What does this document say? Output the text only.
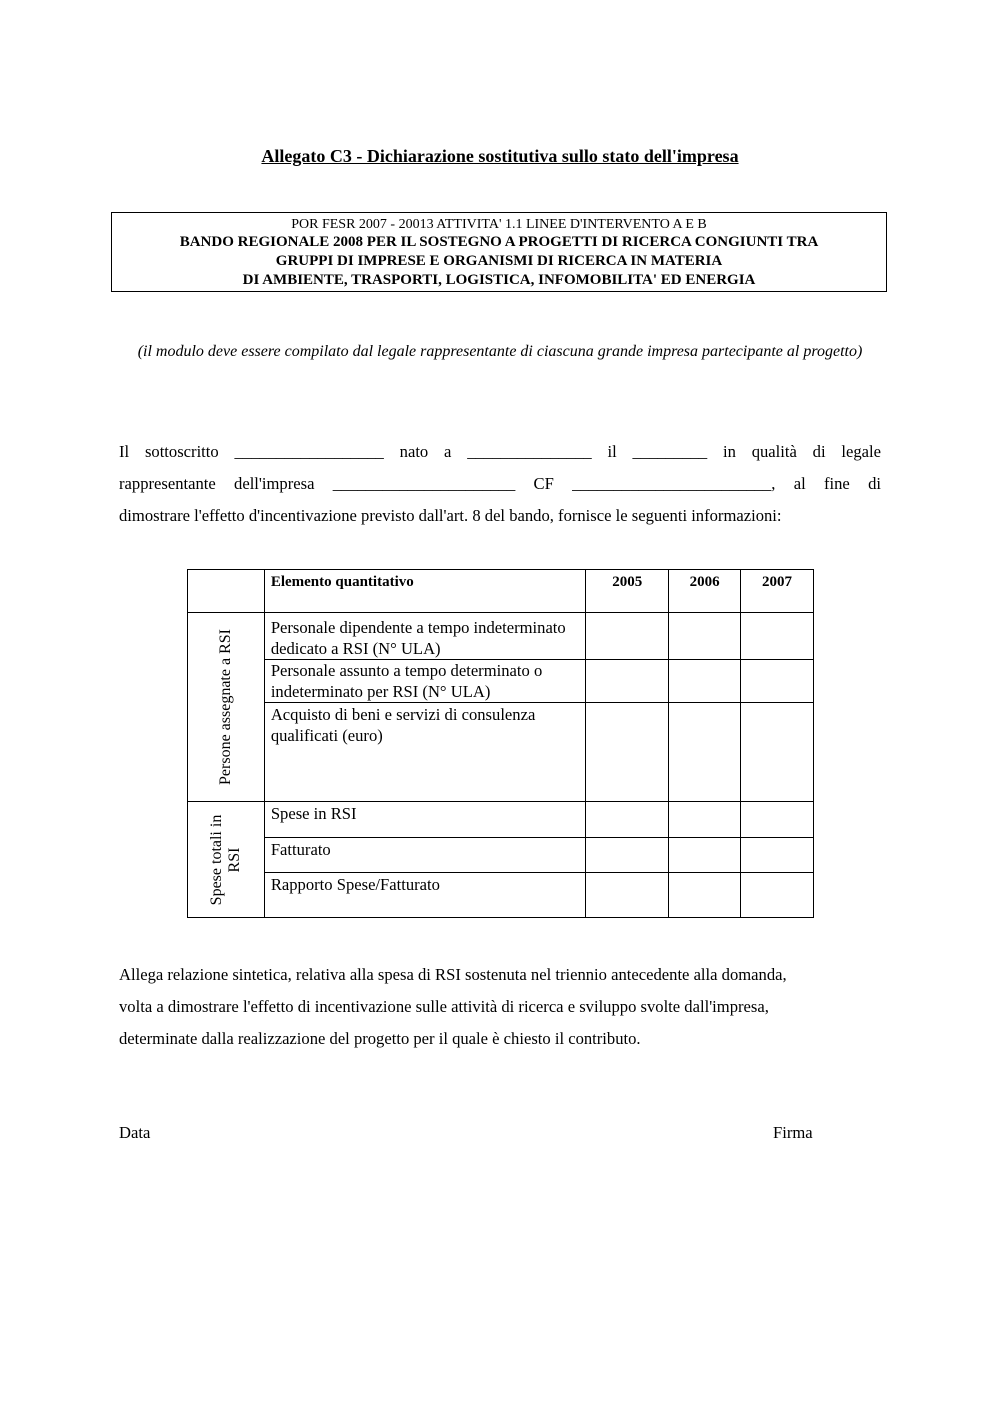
Allegato C3 - Dichiarazione sostitutiva sullo stato dell'impresa
POR FESR 2007 - 20013 ATTIVITA' 1.1 LINEE D'INTERVENTO A E B
BANDO REGIONALE 2008 PER IL SOSTEGNO A PROGETTI DI RICERCA CONGIUNTI TRA
GRUPPI DI IMPRESE E ORGANISMI DI RICERCA IN MATERIA
DI AMBIENTE, TRASPORTI, LOGISTICA, INFOMOBILITA' ED ENERGIA
(il modulo deve essere compilato dal legale rappresentante di ciascuna grande impresa partecipante al progetto)
Il sottoscritto __________________ nato a _______________ il _________ in qualità di legale
rappresentante dell'impresa ______________________ CF ________________________, al fine di
dimostrare l'effetto d'incentivazione previsto dall'art. 8 del bando, fornisce le seguenti informazioni:

	Elemento quantitativo	2005	2006	2007

Persone assegnate a RSI	Personale dipendente a tempo indeterminato dedicato a RSI (N° ULA)			

	Personale assunto a tempo determinato o indeterminato per RSI (N° ULA)			

	Acquisto di beni e servizi di consulenza qualificati (euro)			

Spese totali in RSI	Spese in RSI			

	Fatturato			

	Rapporto Spese/Fatturato			

Allega relazione sintetica, relativa alla spesa di RSI sostenuta nel triennio antecedente alla domanda,
volta a dimostrare l'effetto di incentivazione sulle attività di ricerca e sviluppo svolte dall'impresa,
determinate dalla realizzazione del progetto per il quale è chiesto il contributo.
Data	Firma
